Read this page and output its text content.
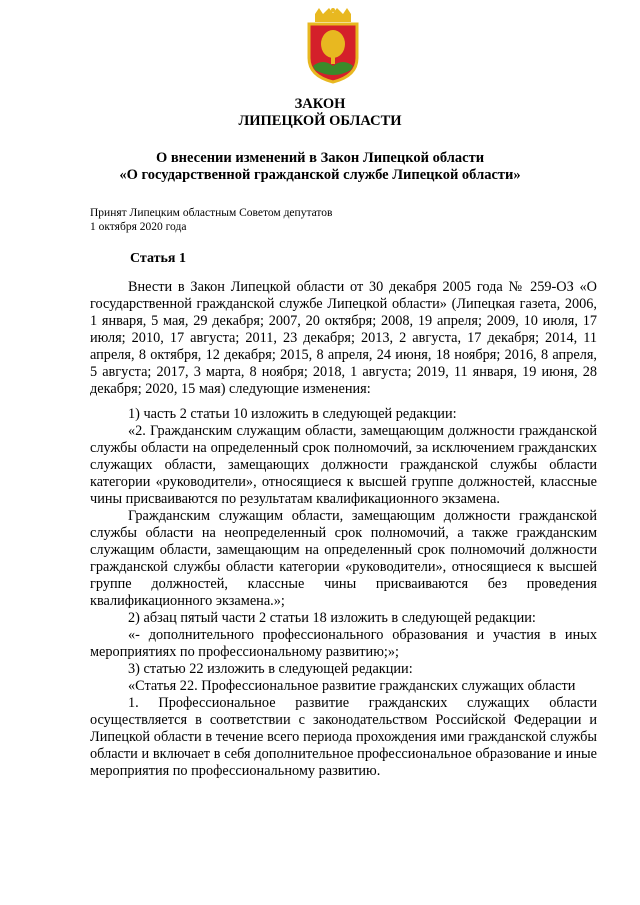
ЗАКОН
ЛИПЕЦКОЙ ОБЛАСТИ
О внесении изменений в Закон Липецкой области
«О государственной гражданской службе Липецкой области»
Принят Липецким областным Советом депутатов
1 октября 2020 года
Статья 1

Внести в Закон Липецкой области от 30 декабря 2005 года № 259-ОЗ «О государственной гражданской службе Липецкой области» (Липецкая газета, 2006, 1 января, 5 мая, 29 декабря; 2007, 20 октября; 2008, 19 апреля; 2009, 10 июля, 17 июля; 2010, 17 августа; 2011, 23 декабря; 2013, 2 августа, 17 декабря; 2014, 11 апреля, 8 октября, 12 декабря; 2015, 8 апреля, 24 июня, 18 ноября; 2016, 8 апреля, 5 августа; 2017, 3 марта, 8 ноября; 2018, 1 августа; 2019, 11 января, 19 июня, 28 декабря; 2020, 15 мая) следующие изменения:

1) часть 2 статьи 10 изложить в следующей редакции:

«2. Гражданским служащим области, замещающим должности гражданской службы области на определенный срок полномочий, за исключением гражданских служащих области, замещающих должности гражданской службы области категории «руководители», относящиеся к высшей группе должностей, классные чины присваиваются по результатам квалификационного экзамена.

Гражданским служащим области, замещающим должности гражданской службы области на неопределенный срок полномочий, а также гражданским служащим области, замещающим на определенный срок полномочий должности гражданской службы области категории «руководители», относящиеся к высшей группе должностей, классные чины присваиваются без проведения квалификационного экзамена.»;

2) абзац пятый части 2 статьи 18 изложить в следующей редакции:

«- дополнительного профессионального образования и участия в иных мероприятиях по профессиональному развитию;»;

3) статью 22 изложить в следующей редакции:

«Статья 22. Профессиональное развитие гражданских служащих области

1. Профессиональное развитие гражданских служащих области осуществляется в соответствии с законодательством Российской Федерации и Липецкой области в течение всего периода прохождения ими гражданской службы области и включает в себя дополнительное профессиональное образование и иные мероприятия по профессиональному развитию.
